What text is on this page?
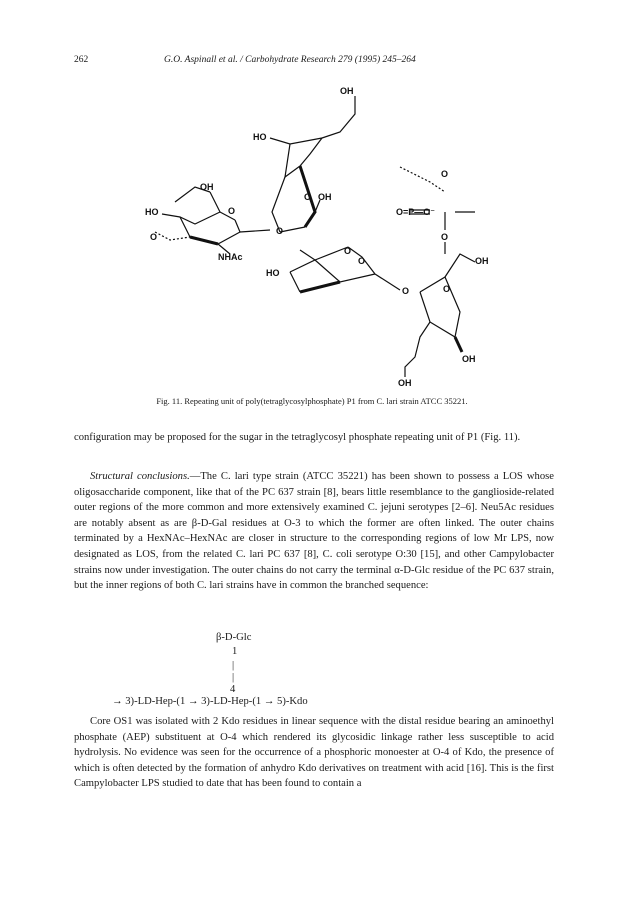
262	G.O. Aspinall et al. / Carbohydrate Research 279 (1995) 245–264
OH
HO
OH
HO
O
O
NHAc
O
O OH
O
HO
O
O
O
O=P—O⁻
O
OH
O
OH
OH
Fig. 11. Repeating unit of poly(tetraglycosylphosphate) P1 from C. lari strain ATCC 35221.
configuration may be proposed for the sugar in the tetraglycosyl phosphate repeating unit of P1 (Fig. 11).
Structural conclusions.—The C. lari type strain (ATCC 35221) has been shown to possess a LOS whose oligosaccharide component, like that of the PC 637 strain [8], bears little resemblance to the ganglioside-related outer regions of the more common and more extensively examined C. jejuni serotypes [2–6]. Neu5Ac residues are notably absent as are β-D-Gal residues at O-3 to which the former are often linked. The outer chains terminated by a HexNAc–HexNAc are closer in structure to the corresponding regions of low Mr LPS, now designated as LOS, from the related C. lari PC 637 [8], C. coli serotype O:30 [15], and other Campylobacter strains now under investigation. The outer chains do not carry the terminal α-D-Glc residue of the PC 637 strain, but the inner regions of both C. lari strains have in common the branched sequence:
β-D-Glc
1
|
|
4
→ 3)-LD-Hep-(1 → 3)-LD-Hep-(1 → 5)-Kdo
Core OS1 was isolated with 2 Kdo residues in linear sequence with the distal residue bearing an aminoethyl phosphate (AEP) substituent at O-4 which rendered its glycosidic linkage rather less susceptible to acid hydrolysis. No evidence was seen for the occurrence of a phosphoric monoester at O-4 of Kdo, the presence of which is often detected by the formation of anhydro Kdo derivatives on treatment with acid [16]. This is the first Campylobacter LPS studied to date that has been found to contain a
